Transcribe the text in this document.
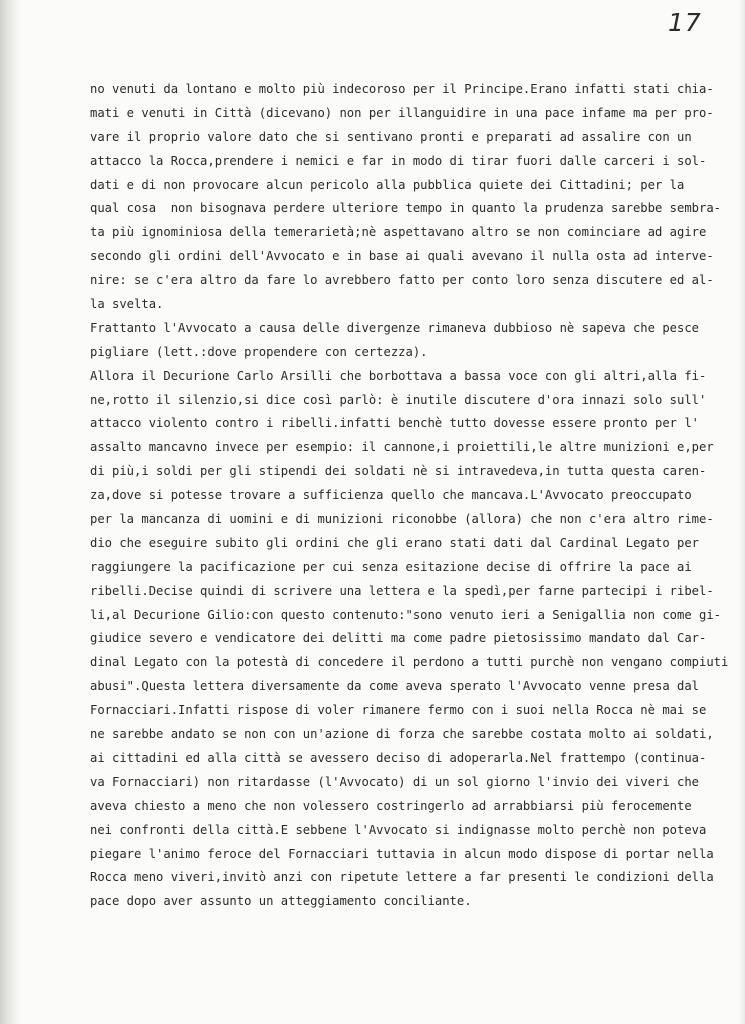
17
no venuti da lontano e molto più indecoroso per il Principe.Erano infatti stati chia-
mati e venuti in Città (dicevano) non per illanguidire in una pace infame ma per pro-
vare il proprio valore dato che si sentivano pronti e preparati ad assalire con un
attacco la Rocca,prendere i nemici e far in modo di tirar fuori dalle carceri i sol-
dati e di non provocare alcun pericolo alla pubblica quiete dei Cittadini; per la
qual cosa  non bisognava perdere ulteriore tempo in quanto la prudenza sarebbe sembra-
ta più ignominiosa della temerarietà;nè aspettavano altro se non cominciare ad agire
secondo gli ordini dell'Avvocato e in base ai quali avevano il nulla osta ad interve-
nire: se c'era altro da fare lo avrebbero fatto per conto loro senza discutere ed al-
la svelta.
Frattanto l'Avvocato a causa delle divergenze rimaneva dubbioso nè sapeva che pesce
pigliare (lett.:dove propendere con certezza).
Allora il Decurione Carlo Arsilli che borbottava a bassa voce con gli altri,alla fi-
ne,rotto il silenzio,si dice così parlò: è inutile discutere d'ora innazi solo sull'
attacco violento contro i ribelli.infatti benchè tutto dovesse essere pronto per l'
assalto mancavno invece per esempio: il cannone,i proiettili,le altre munizioni e,per
di più,i soldi per gli stipendi dei soldati nè si intravedeva,in tutta questa caren-
za,dove si potesse trovare a sufficienza quello che mancava.L'Avvocato preoccupato
per la mancanza di uomini e di munizioni riconobbe (allora) che non c'era altro rime-
dio che eseguire subito gli ordini che gli erano stati dati dal Cardinal Legato per
raggiungere la pacificazione per cui senza esitazione decise di offrire la pace ai
ribelli.Decise quindi di scrivere una lettera e la spedì,per farne partecipi i ribel-
li,al Decurione Gilio:con questo contenuto:"sono venuto ieri a Senigallia non come gi-
giudice severo e vendicatore dei delitti ma come padre pietosissimo mandato dal Car-
dinal Legato con la potestà di concedere il perdono a tutti purchè non vengano compiuti
abusi".Questa lettera diversamente da come aveva sperato l'Avvocato venne presa dal
Fornacciari.Infatti rispose di voler rimanere fermo con i suoi nella Rocca nè mai se
ne sarebbe andato se non con un'azione di forza che sarebbe costata molto ai soldati,
ai cittadini ed alla città se avessero deciso di adoperarla.Nel frattempo (continua-
va Fornacciari) non ritardasse (l'Avvocato) di un sol giorno l'invio dei viveri che
aveva chiesto a meno che non volessero costringerlo ad arrabbiarsi più ferocemente
nei confronti della città.E sebbene l'Avvocato si indignasse molto perchè non poteva
piegare l'animo feroce del Fornacciari tuttavia in alcun modo dispose di portar nella
Rocca meno viveri,invitò anzi con ripetute lettere a far presenti le condizioni della
pace dopo aver assunto un atteggiamento conciliante.
